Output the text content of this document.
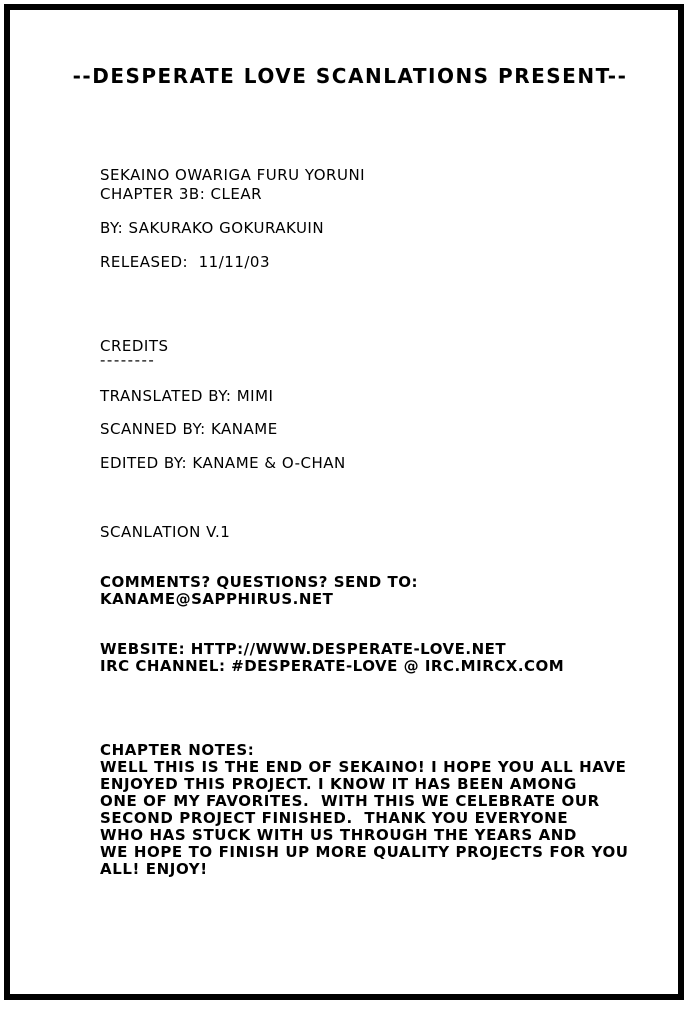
--DESPERATE LOVE SCANLATIONS PRESENT--
SEKAINO OWARIGA FURU YORUNI
CHAPTER 3B: CLEAR
BY: SAKURAKO GOKURAKUIN
RELEASED:  11/11/03
CREDITS
--------
TRANSLATED BY: MIMI
SCANNED BY: KANAME
EDITED BY: KANAME & O-CHAN
SCANLATION V.1
COMMENTS? QUESTIONS? SEND TO:
KANAME@SAPPHIRUS.NET
WEBSITE: HTTP://WWW.DESPERATE-LOVE.NET
IRC CHANNEL: #DESPERATE-LOVE @ IRC.MIRCX.COM
CHAPTER NOTES:
WELL THIS IS THE END OF SEKAINO! I HOPE YOU ALL HAVE
ENJOYED THIS PROJECT. I KNOW IT HAS BEEN AMONG
ONE OF MY FAVORITES.  WITH THIS WE CELEBRATE OUR
SECOND PROJECT FINISHED.  THANK YOU EVERYONE
WHO HAS STUCK WITH US THROUGH THE YEARS AND
WE HOPE TO FINISH UP MORE QUALITY PROJECTS FOR YOU
ALL! ENJOY!
